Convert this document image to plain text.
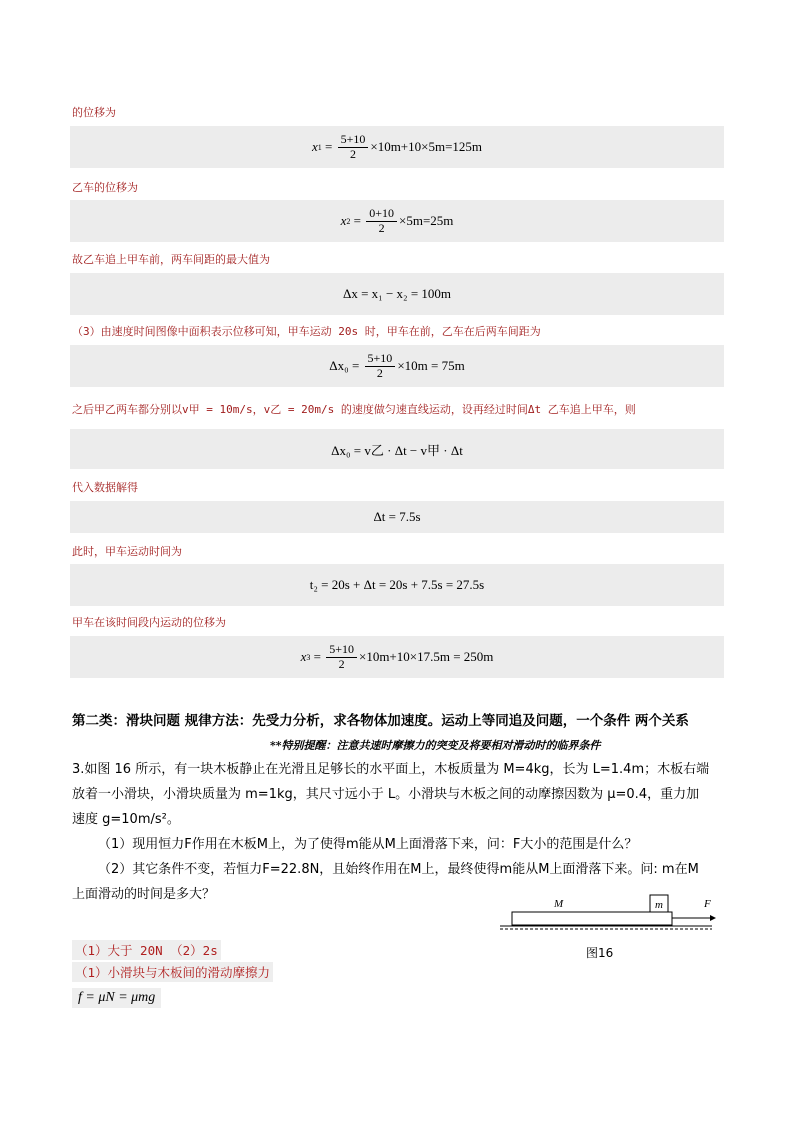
的位移为
x $1 = \frac{5+10}{2} \times 10m+10\times 5m=125m$
乙车的位移为
x $2 = \frac{0+10}{2} \times 5m=25m$
故乙车追上甲车前，两车间距的最大值为
Δx = x₁ − x₂ = 100m
（3）由速度时间图像中面积表示位移可知，甲车运动 20s 时，甲车在前，乙车在后两车间距为
Δx₀ =
$\frac{5+10}{2} \times 10m = 75m$
之后甲乙两车都分别以v甲 = 10m/s，v乙 = 20m/s 的速度做匀速直线运动，设再经过时间Δt 乙车追上甲车，则
Δx₀ = v乙 · Δt − v甲 · Δt
代入数据解得
Δt = 7.5s
此时，甲车运动时间为
t₂ = 20s + Δt = 20s + 7.5s = 27.5s
甲车在该时间段内运动的位移为
x $3 = \frac{5+10}{2} \times 10m+10\times 17.5m = 250m$
第二类：滑块问题 规律方法：先受力分析，求各物体加速度。运动上等同追及问题，一个条件 两个关系
**特别提醒：注意共速时摩擦力的突变及将要相对滑动时的临界条件
3.如图 16 所示，有一块木板静止在光滑且足够长的水平面上，木板质量为 M=4kg，长为 L=1.4m；木板右端
放着一小滑块，小滑块质量为 m=1kg，其尺寸远小于 L。小滑块与木板之间的动摩擦因数为 μ=0.4，重力加
速度 g=10m/s²。
（1）现用恒力F作用在木板M上，为了使得m能从M上面滑落下来，问：F大小的范围是什么？
（2）其它条件不变，若恒力F=22.8N，且始终作用在M上，最终使得m能从M上面滑落下来。问: m在M
上面滑动的时间是多大？
M	m	F
图16
（1）大于 20N （2）2s
（1）小滑块与木板间的滑动摩擦力
f = μN = μmg
